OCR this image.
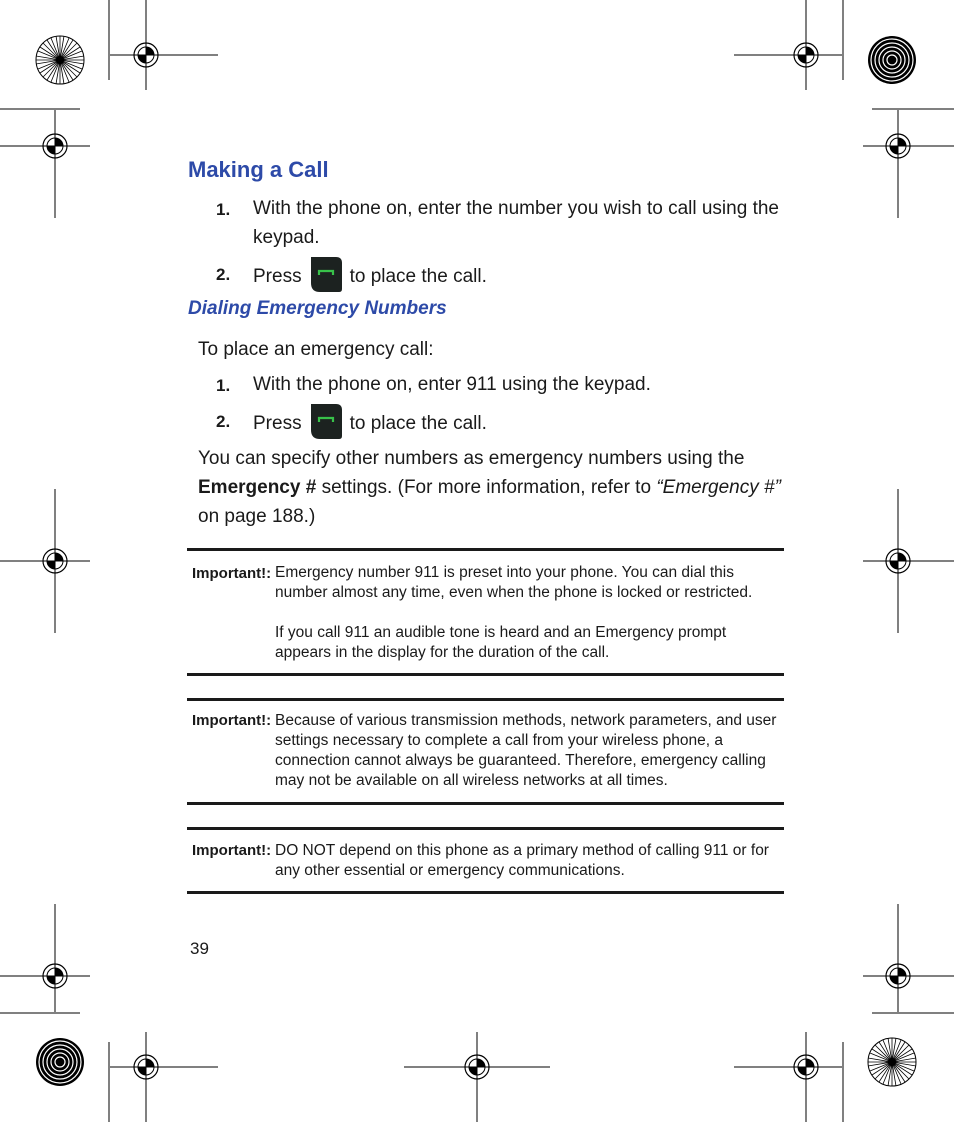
Making a Call
1. With the phone on, enter the number you wish to call using the keypad.
2. Press	to place the call.
Dialing Emergency Numbers
To place an emergency call:
1. With the phone on, enter 911 using the keypad.
2. Press	to place the call.
You can specify other numbers as emergency numbers using the Emergency # settings. (For more information, refer to “Emergency #” on page 188.)
Important!: Emergency number 911 is preset into your phone. You can dial this number almost any time, even when the phone is locked or restricted.

If you call 911 an audible tone is heard and an Emergency prompt appears in the display for the duration of the call.

Important!: Because of various transmission methods, network parameters, and user settings necessary to complete a call from your wireless phone, a connection cannot always be guaranteed. Therefore, emergency calling may not be available on all wireless networks at all times.

Important!: DO NOT depend on this phone as a primary method of calling 911 or for any other essential or emergency communications.

39
